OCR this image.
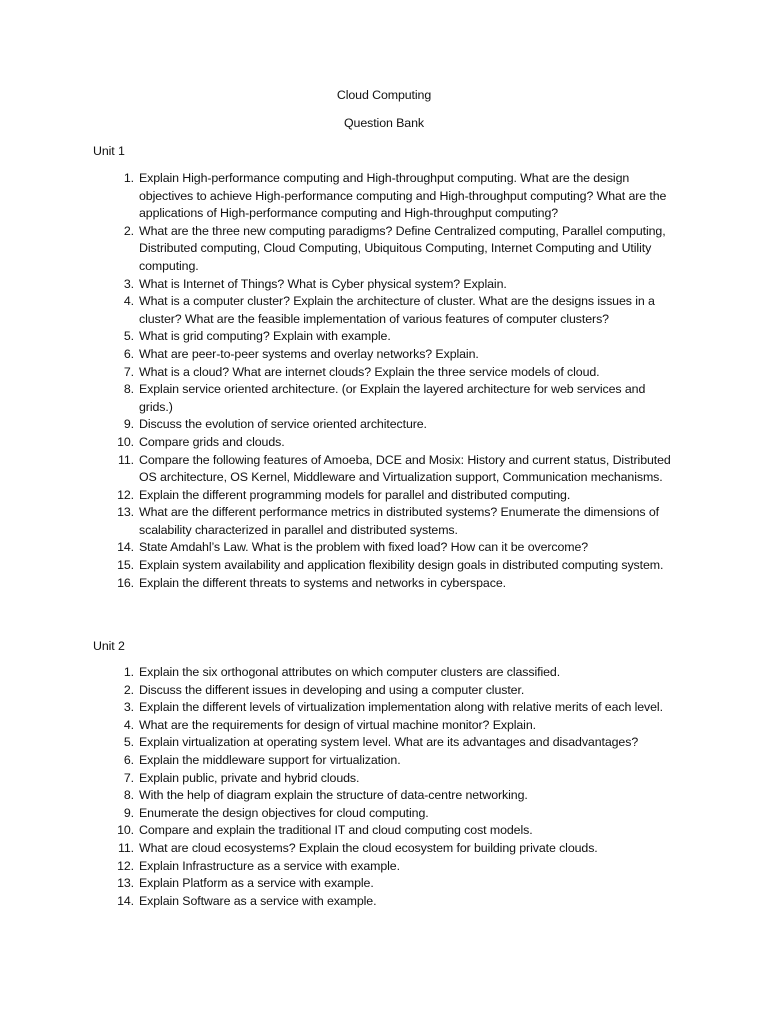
Cloud Computing
Question Bank
Unit 1
1 . Explain High-performance computing and High-throughput computing. What are the design objectives to achieve High-performance computing and High-throughput computing? What are the applications of High-performance computing and High-throughput computing?
2 . What are the three new computing paradigms? Define Centralized computing, Parallel computing, Distributed computing, Cloud Computing, Ubiquitous Computing, Internet Computing and Utility computing.
3 . What is Internet of Things? What is Cyber physical system? Explain.
4 . What is a computer cluster? Explain the architecture of cluster. What are the designs issues in a cluster? What are the feasible implementation of various features of computer clusters?
5 . What is grid computing? Explain with example.
6 . What are peer-to-peer systems and overlay networks? Explain.
7 . What is a cloud? What are internet clouds? Explain the three service models of cloud.
8 . Explain service oriented architecture. (or Explain the layered architecture for web services and grids.)
9 . Discuss the evolution of service oriented architecture.
10 . Compare grids and clouds.
11 . Compare the following features of Amoeba, DCE and Mosix: History and current status, Distributed OS architecture, OS Kernel, Middleware and Virtualization support, Communication mechanisms.
12 . Explain the different programming models for parallel and distributed computing.
13 . What are the different performance metrics in distributed systems? Enumerate the dimensions of scalability characterized in parallel and distributed systems.
14 . State Amdahl’s Law. What is the problem with fixed load? How can it be overcome?
15 . Explain system availability and application flexibility design goals in distributed computing system.
16 . Explain the different threats to systems and networks in cyberspace.
Unit 2
1 . Explain the six orthogonal attributes on which computer clusters are classified.
2 . Discuss the different issues in developing and using a computer cluster.
3 . Explain the different levels of virtualization implementation along with relative merits of each level.
4 . What are the requirements for design of virtual machine monitor? Explain.
5 . Explain virtualization at operating system level. What are its advantages and disadvantages?
6 . Explain the middleware support for virtualization.
7 . Explain public, private and hybrid clouds.
8 . With the help of diagram explain the structure of data-centre networking.
9 . Enumerate the design objectives for cloud computing.
10 . Compare and explain the traditional IT and cloud computing cost models.
11 . What are cloud ecosystems? Explain the cloud ecosystem for building private clouds.
12 . Explain Infrastructure as a service with example.
13 . Explain Platform as a service with example.
14 . Explain Software as a service with example.
